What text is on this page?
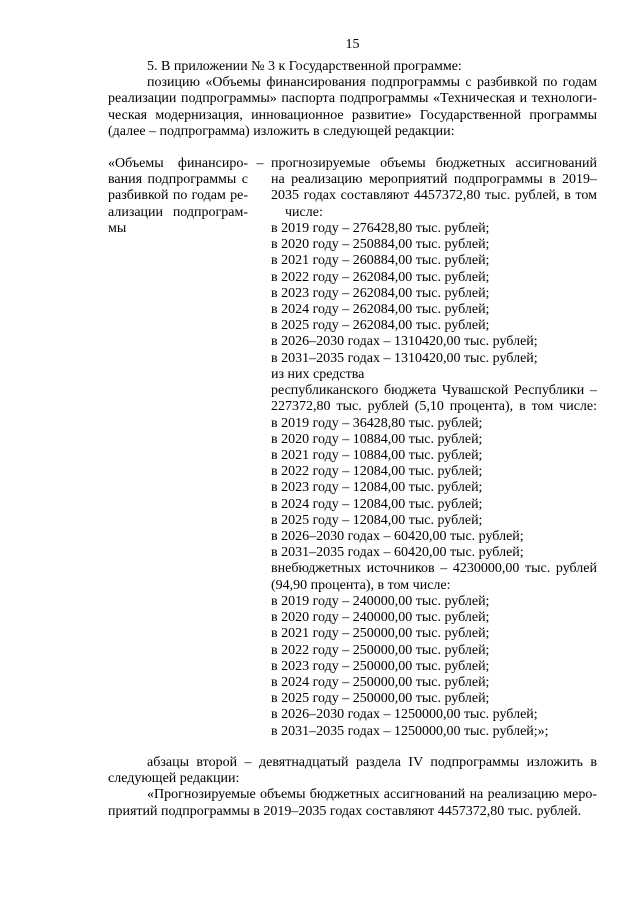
15
5. В приложении № 3 к Государственной программе:
позицию «Объемы финансирования подпрограммы с разбивкой по годам
реализации подпрограммы» паспорта подпрограммы «Техническая и технологи-
ческая модернизация, инновационное развитие» Государственной программы
(далее – подпрограмма) изложить в следующей редакции:
«Объемы финансиро-
вания подпрограммы с
разбивкой по годам ре-
ализации подпрограм-
мы
– прогнозируемые объемы бюджетных ассигнований
на реализацию мероприятий подпрограммы в 2019–
2035 годах составляют 4457372,80 тыс. рублей, в том
числе:
в 2019 году – 276428,80 тыс. рублей;
в 2020 году – 250884,00 тыс. рублей;
в 2021 году – 260884,00 тыс. рублей;
в 2022 году – 262084,00 тыс. рублей;
в 2023 году – 262084,00 тыс. рублей;
в 2024 году – 262084,00 тыс. рублей;
в 2025 году – 262084,00 тыс. рублей;
в 2026–2030 годах – 1310420,00 тыс. рублей;
в 2031–2035 годах – 1310420,00 тыс. рублей;
из них средства
республиканского бюджета Чувашской Республики –
227372,80 тыс. рублей (5,10 процента), в том числе:
в 2019 году – 36428,80 тыс. рублей;
в 2020 году – 10884,00 тыс. рублей;
в 2021 году – 10884,00 тыс. рублей;
в 2022 году – 12084,00 тыс. рублей;
в 2023 году – 12084,00 тыс. рублей;
в 2024 году – 12084,00 тыс. рублей;
в 2025 году – 12084,00 тыс. рублей;
в 2026–2030 годах – 60420,00 тыс. рублей;
в 2031–2035 годах – 60420,00 тыс. рублей;
внебюджетных источников – 4230000,00 тыс. рублей
(94,90 процента), в том числе:
в 2019 году – 240000,00 тыс. рублей;
в 2020 году – 240000,00 тыс. рублей;
в 2021 году – 250000,00 тыс. рублей;
в 2022 году – 250000,00 тыс. рублей;
в 2023 году – 250000,00 тыс. рублей;
в 2024 году – 250000,00 тыс. рублей;
в 2025 году – 250000,00 тыс. рублей;
в 2026–2030 годах – 1250000,00 тыс. рублей;
в 2031–2035 годах – 1250000,00 тыс. рублей;»;
абзацы второй – девятнадцатый раздела IV подпрограммы изложить в
следующей редакции:
«Прогнозируемые объемы бюджетных ассигнований на реализацию меро-
приятий подпрограммы в 2019–2035 годах составляют 4457372,80 тыс. рублей.
